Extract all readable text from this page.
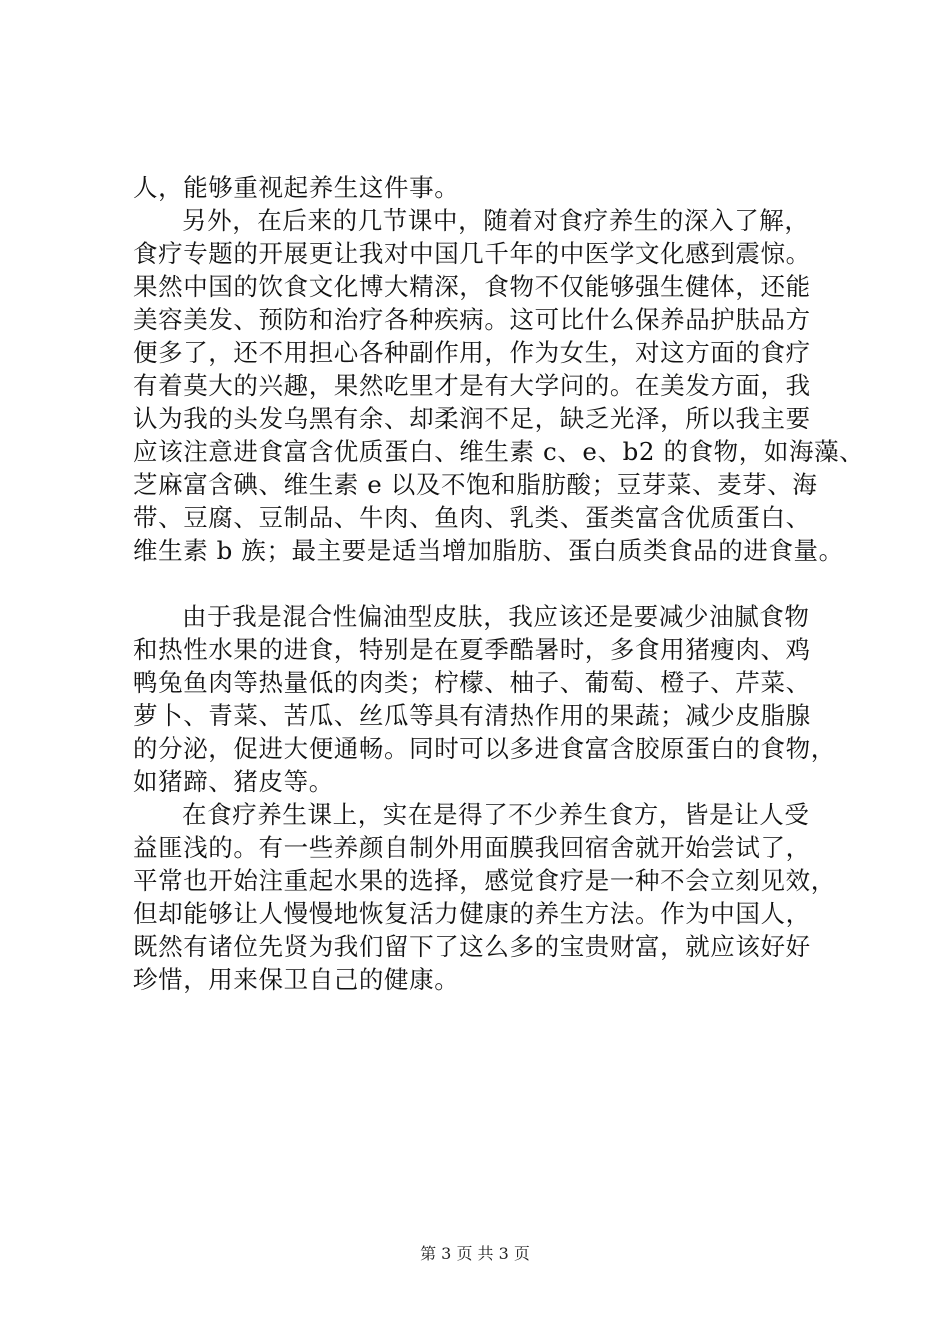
人，能够重视起养生这件事。
另外，在后来的几节课中，随着对食疗养生的深入了解，
食疗专题的开展更让我对中国几千年的中医学文化感到震惊。
果然中国的饮食文化博大精深，食物不仅能够强生健体，还能
美容美发、预防和治疗各种疾病。这可比什么保养品护肤品方
便多了，还不用担心各种副作用，作为女生，对这方面的食疗
有着莫大的兴趣，果然吃里才是有大学问的。在美发方面，我
认为我的头发乌黑有余、却柔润不足，缺乏光泽，所以我主要
应该注意进食富含优质蛋白、维生素 c、e、b2 的食物，如海藻、
芝麻富含碘、维生素 e 以及不饱和脂肪酸；豆芽菜、麦芽、海
带、豆腐、豆制品、牛肉、鱼肉、乳类、蛋类富含优质蛋白、
维生素 b 族；最主要是适当增加脂肪、蛋白质类食品的进食量。
由于我是混合性偏油型皮肤，我应该还是要减少油腻食物
和热性水果的进食，特别是在夏季酷暑时，多食用猪瘦肉、鸡
鸭兔鱼肉等热量低的肉类；柠檬、柚子、葡萄、橙子、芹菜、
萝卜、青菜、苦瓜、丝瓜等具有清热作用的果蔬；减少皮脂腺
的分泌，促进大便通畅。同时可以多进食富含胶原蛋白的食物，
如猪蹄、猪皮等。
在食疗养生课上，实在是得了不少养生食方，皆是让人受
益匪浅的。有一些养颜自制外用面膜我回宿舍就开始尝试了，
平常也开始注重起水果的选择，感觉食疗是一种不会立刻见效，
但却能够让人慢慢地恢复活力健康的养生方法。作为中国人，
既然有诸位先贤为我们留下了这么多的宝贵财富，就应该好好
珍惜，用来保卫自己的健康。
第 3 页 共 3 页
